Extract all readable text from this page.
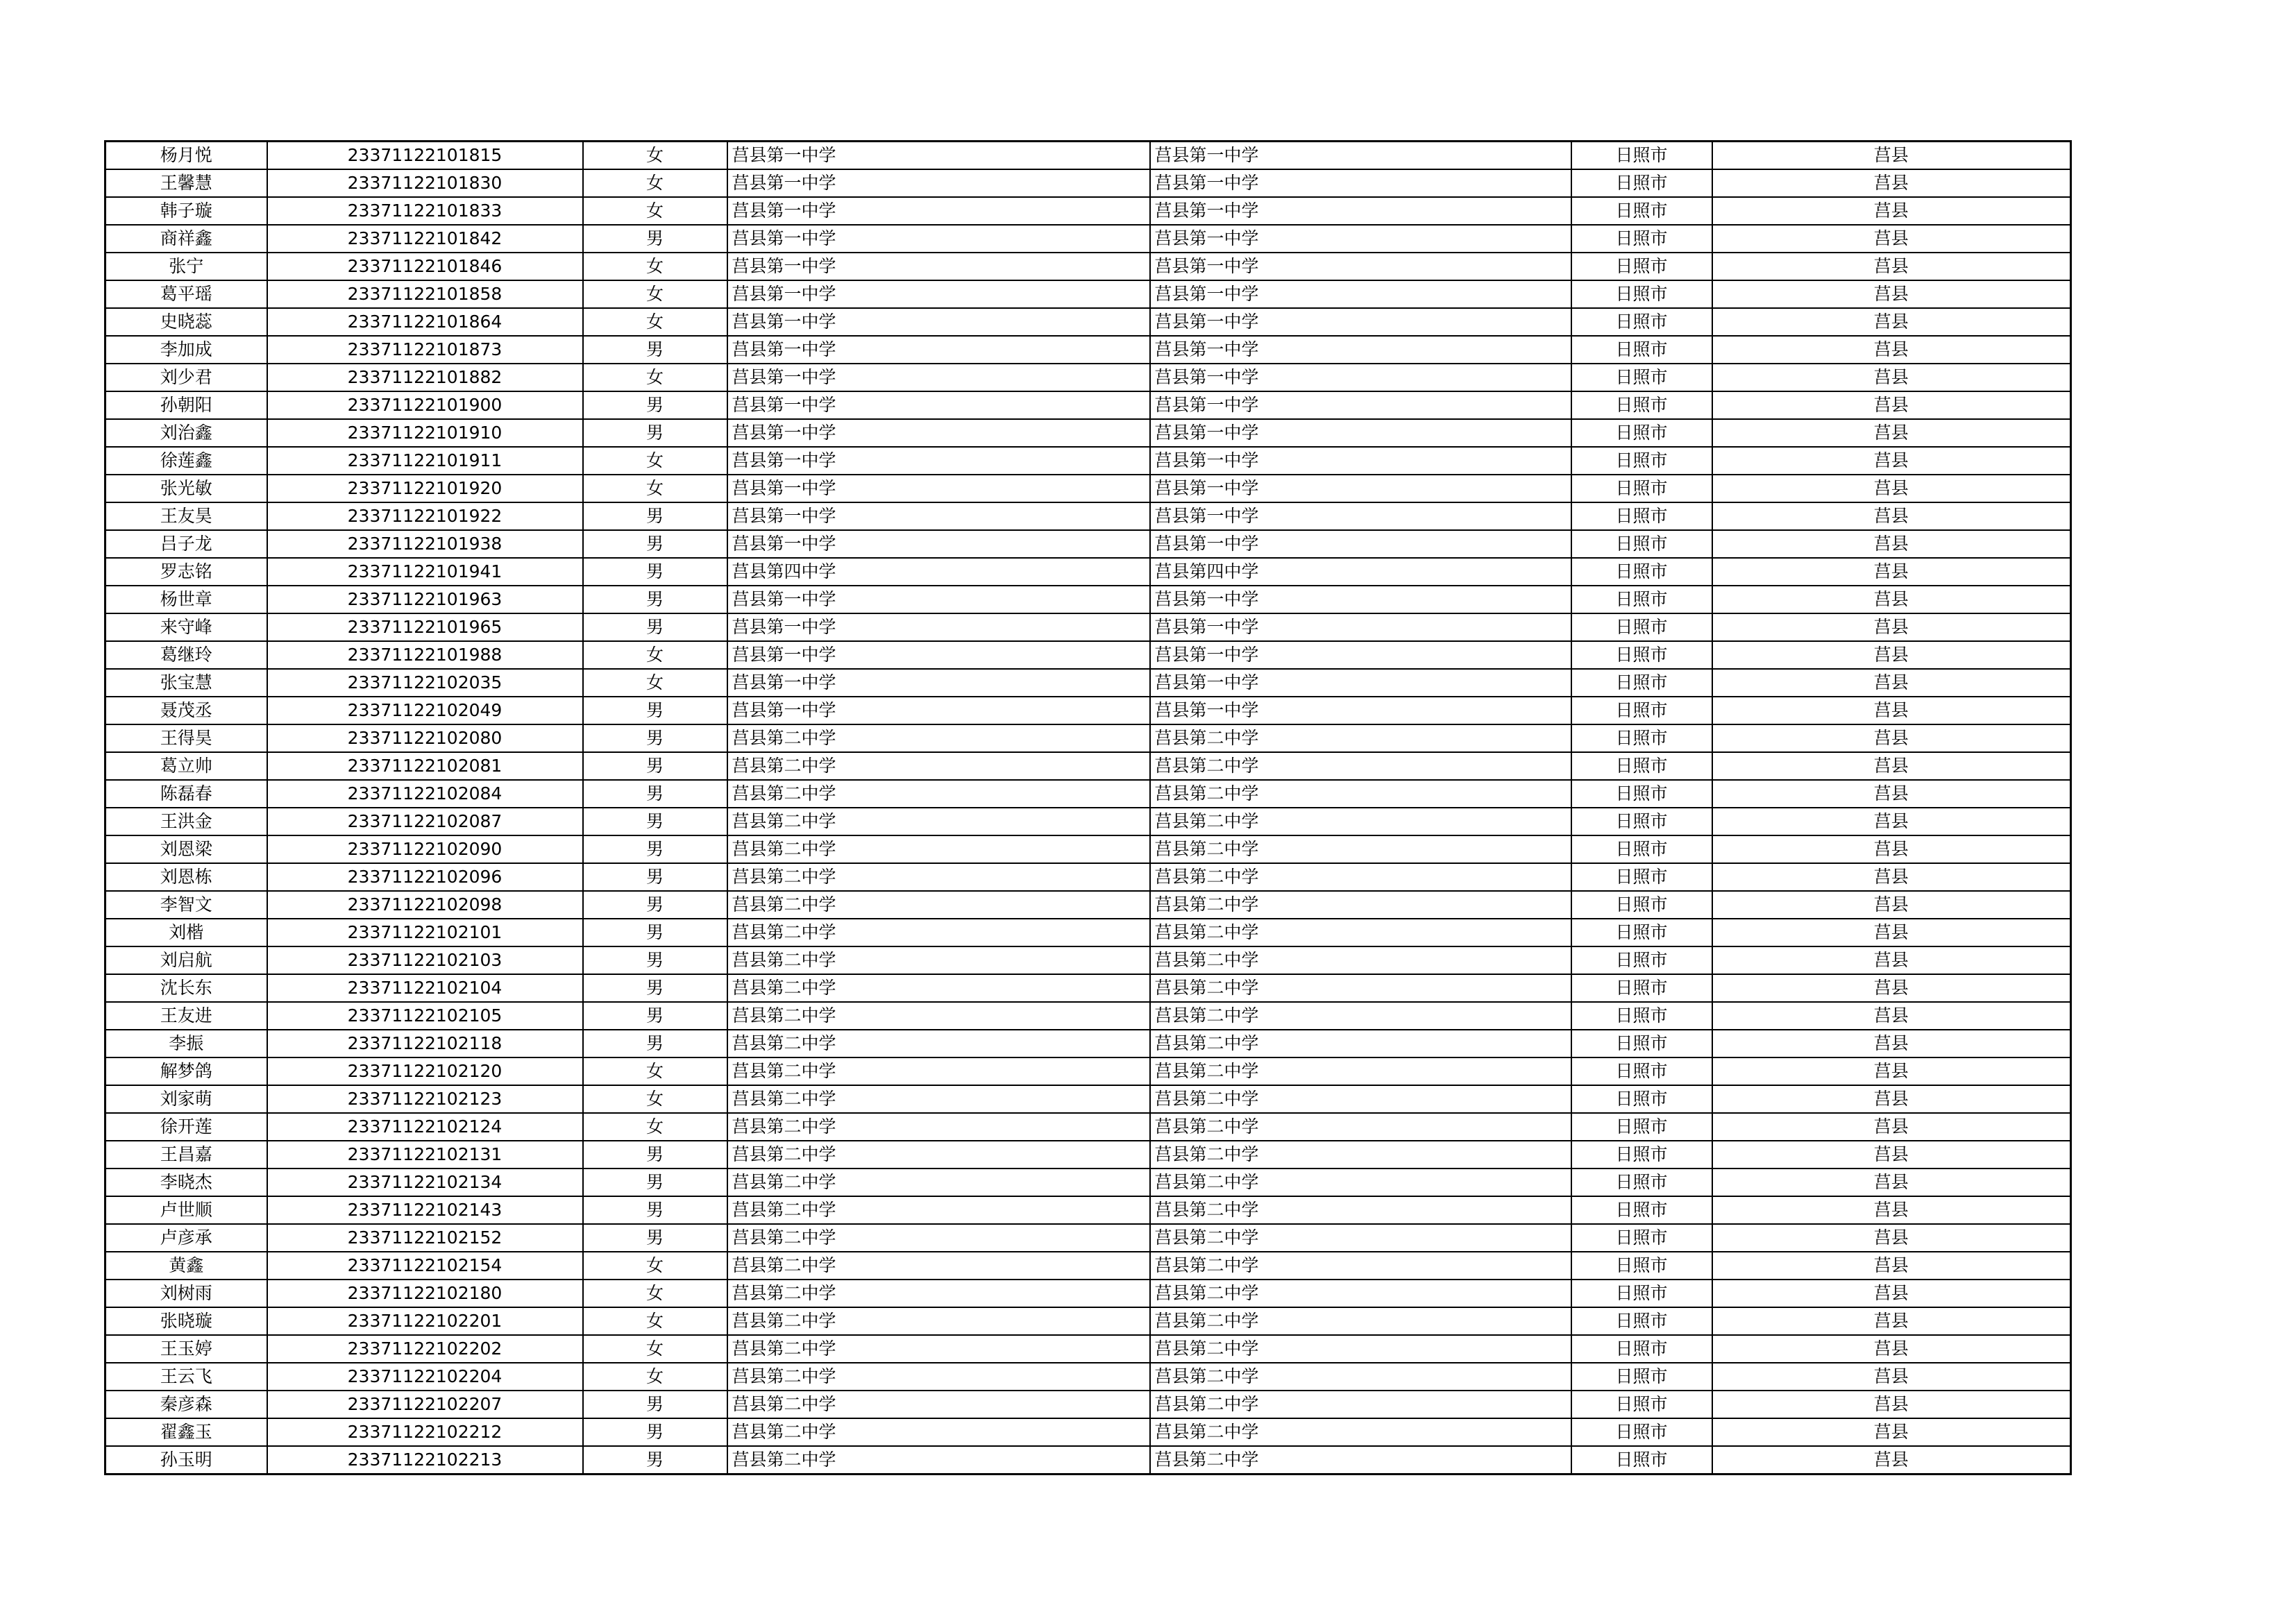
杨月悦	23371122101815	女	莒县第一中学	莒县第一中学	日照市	莒县
王馨慧	23371122101830	女	莒县第一中学	莒县第一中学	日照市	莒县
韩子璇	23371122101833	女	莒县第一中学	莒县第一中学	日照市	莒县
商祥鑫	23371122101842	男	莒县第一中学	莒县第一中学	日照市	莒县
张宁	23371122101846	女	莒县第一中学	莒县第一中学	日照市	莒县
葛平瑶	23371122101858	女	莒县第一中学	莒县第一中学	日照市	莒县
史晓蕊	23371122101864	女	莒县第一中学	莒县第一中学	日照市	莒县
李加成	23371122101873	男	莒县第一中学	莒县第一中学	日照市	莒县
刘少君	23371122101882	女	莒县第一中学	莒县第一中学	日照市	莒县
孙朝阳	23371122101900	男	莒县第一中学	莒县第一中学	日照市	莒县
刘治鑫	23371122101910	男	莒县第一中学	莒县第一中学	日照市	莒县
徐莲鑫	23371122101911	女	莒县第一中学	莒县第一中学	日照市	莒县
张光敏	23371122101920	女	莒县第一中学	莒县第一中学	日照市	莒县
王友昊	23371122101922	男	莒县第一中学	莒县第一中学	日照市	莒县
吕子龙	23371122101938	男	莒县第一中学	莒县第一中学	日照市	莒县
罗志铭	23371122101941	男	莒县第四中学	莒县第四中学	日照市	莒县
杨世章	23371122101963	男	莒县第一中学	莒县第一中学	日照市	莒县
来守峰	23371122101965	男	莒县第一中学	莒县第一中学	日照市	莒县
葛继玲	23371122101988	女	莒县第一中学	莒县第一中学	日照市	莒县
张宝慧	23371122102035	女	莒县第一中学	莒县第一中学	日照市	莒县
聂茂丞	23371122102049	男	莒县第一中学	莒县第一中学	日照市	莒县
王得昊	23371122102080	男	莒县第二中学	莒县第二中学	日照市	莒县
葛立帅	23371122102081	男	莒县第二中学	莒县第二中学	日照市	莒县
陈磊春	23371122102084	男	莒县第二中学	莒县第二中学	日照市	莒县
王洪金	23371122102087	男	莒县第二中学	莒县第二中学	日照市	莒县
刘恩梁	23371122102090	男	莒县第二中学	莒县第二中学	日照市	莒县
刘恩栋	23371122102096	男	莒县第二中学	莒县第二中学	日照市	莒县
李智文	23371122102098	男	莒县第二中学	莒县第二中学	日照市	莒县
刘楷	23371122102101	男	莒县第二中学	莒县第二中学	日照市	莒县
刘启航	23371122102103	男	莒县第二中学	莒县第二中学	日照市	莒县
沈长东	23371122102104	男	莒县第二中学	莒县第二中学	日照市	莒县
王友进	23371122102105	男	莒县第二中学	莒县第二中学	日照市	莒县
李振	23371122102118	男	莒县第二中学	莒县第二中学	日照市	莒县
解梦鸽	23371122102120	女	莒县第二中学	莒县第二中学	日照市	莒县
刘家萌	23371122102123	女	莒县第二中学	莒县第二中学	日照市	莒县
徐开莲	23371122102124	女	莒县第二中学	莒县第二中学	日照市	莒县
王昌嘉	23371122102131	男	莒县第二中学	莒县第二中学	日照市	莒县
李晓杰	23371122102134	男	莒县第二中学	莒县第二中学	日照市	莒县
卢世顺	23371122102143	男	莒县第二中学	莒县第二中学	日照市	莒县
卢彦承	23371122102152	男	莒县第二中学	莒县第二中学	日照市	莒县
黄鑫	23371122102154	女	莒县第二中学	莒县第二中学	日照市	莒县
刘树雨	23371122102180	女	莒县第二中学	莒县第二中学	日照市	莒县
张晓璇	23371122102201	女	莒县第二中学	莒县第二中学	日照市	莒县
王玉婷	23371122102202	女	莒县第二中学	莒县第二中学	日照市	莒县
王云飞	23371122102204	女	莒县第二中学	莒县第二中学	日照市	莒县
秦彦森	23371122102207	男	莒县第二中学	莒县第二中学	日照市	莒县
翟鑫玉	23371122102212	男	莒县第二中学	莒县第二中学	日照市	莒县
孙玉明	23371122102213	男	莒县第二中学	莒县第二中学	日照市	莒县
